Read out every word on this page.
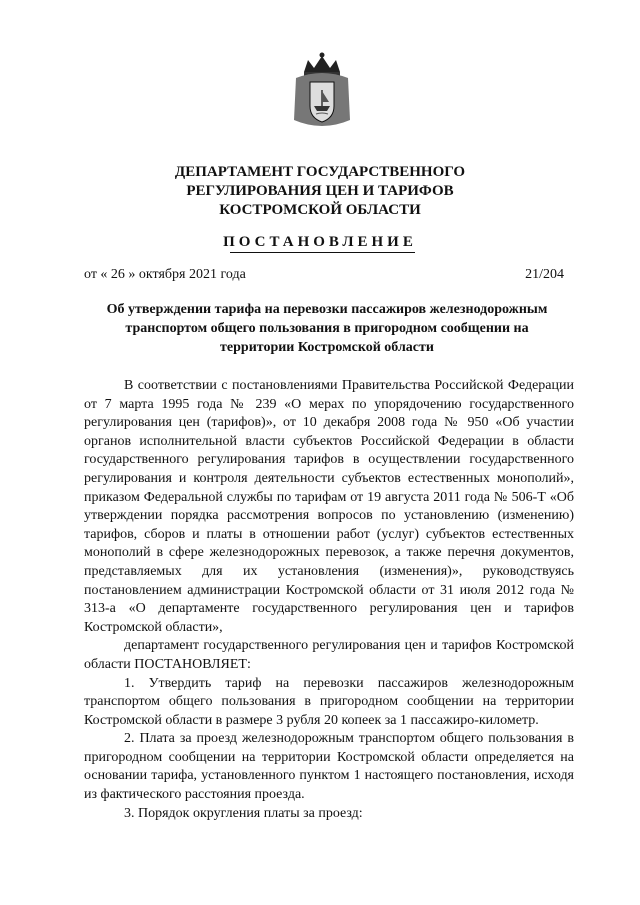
ДЕПАРТАМЕНТ ГОСУДАРСТВЕННОГО
РЕГУЛИРОВАНИЯ ЦЕН И ТАРИФОВ
КОСТРОМСКОЙ ОБЛАСТИ
ПОСТАНОВЛЕНИЕ
от « 26 » октября 2021 года	21/204
Об утверждении тарифа на перевозки пассажиров железнодорожным
транспортом общего пользования в пригородном сообщении на
территории Костромской области

В соответствии с постановлениями Правительства Российской Федерации от 7 марта 1995 года № 239 «О мерах по упорядочению государственного регулирования цен (тарифов)», от 10 декабря 2008 года № 950 «Об участии органов исполнительной власти субъектов Российской Федерации в области государственного регулирования тарифов в осуществлении государственного регулирования и контроля деятельности субъектов естественных монополий», приказом Федеральной службы по тарифам от 19 августа 2011 года № 506-Т «Об утверждении порядка рассмотрения вопросов по установлению (изменению) тарифов, сборов и платы в отношении работ (услуг) субъектов естественных монополий в сфере железнодорожных перевозок, а также перечня документов, представляемых для их установления (изменения)», руководствуясь постановлением администрации Костромской области от 31 июля 2012 года № 313-а «О департаменте государственного регулирования цен и тарифов Костромской области»,

департамент государственного регулирования цен и тарифов Костромской области ПОСТАНОВЛЯЕТ:

1. Утвердить тариф на перевозки пассажиров железнодорожным транспортом общего пользования в пригородном сообщении на территории Костромской области в размере 3 рубля 20 копеек за 1 пассажиро-километр.

2. Плата за проезд железнодорожным транспортом общего пользования в пригородном сообщении на территории Костромской области определяется на основании тарифа, установленного пунктом 1 настоящего постановления, исходя из фактического расстояния проезда.

3. Порядок округления платы за проезд:
